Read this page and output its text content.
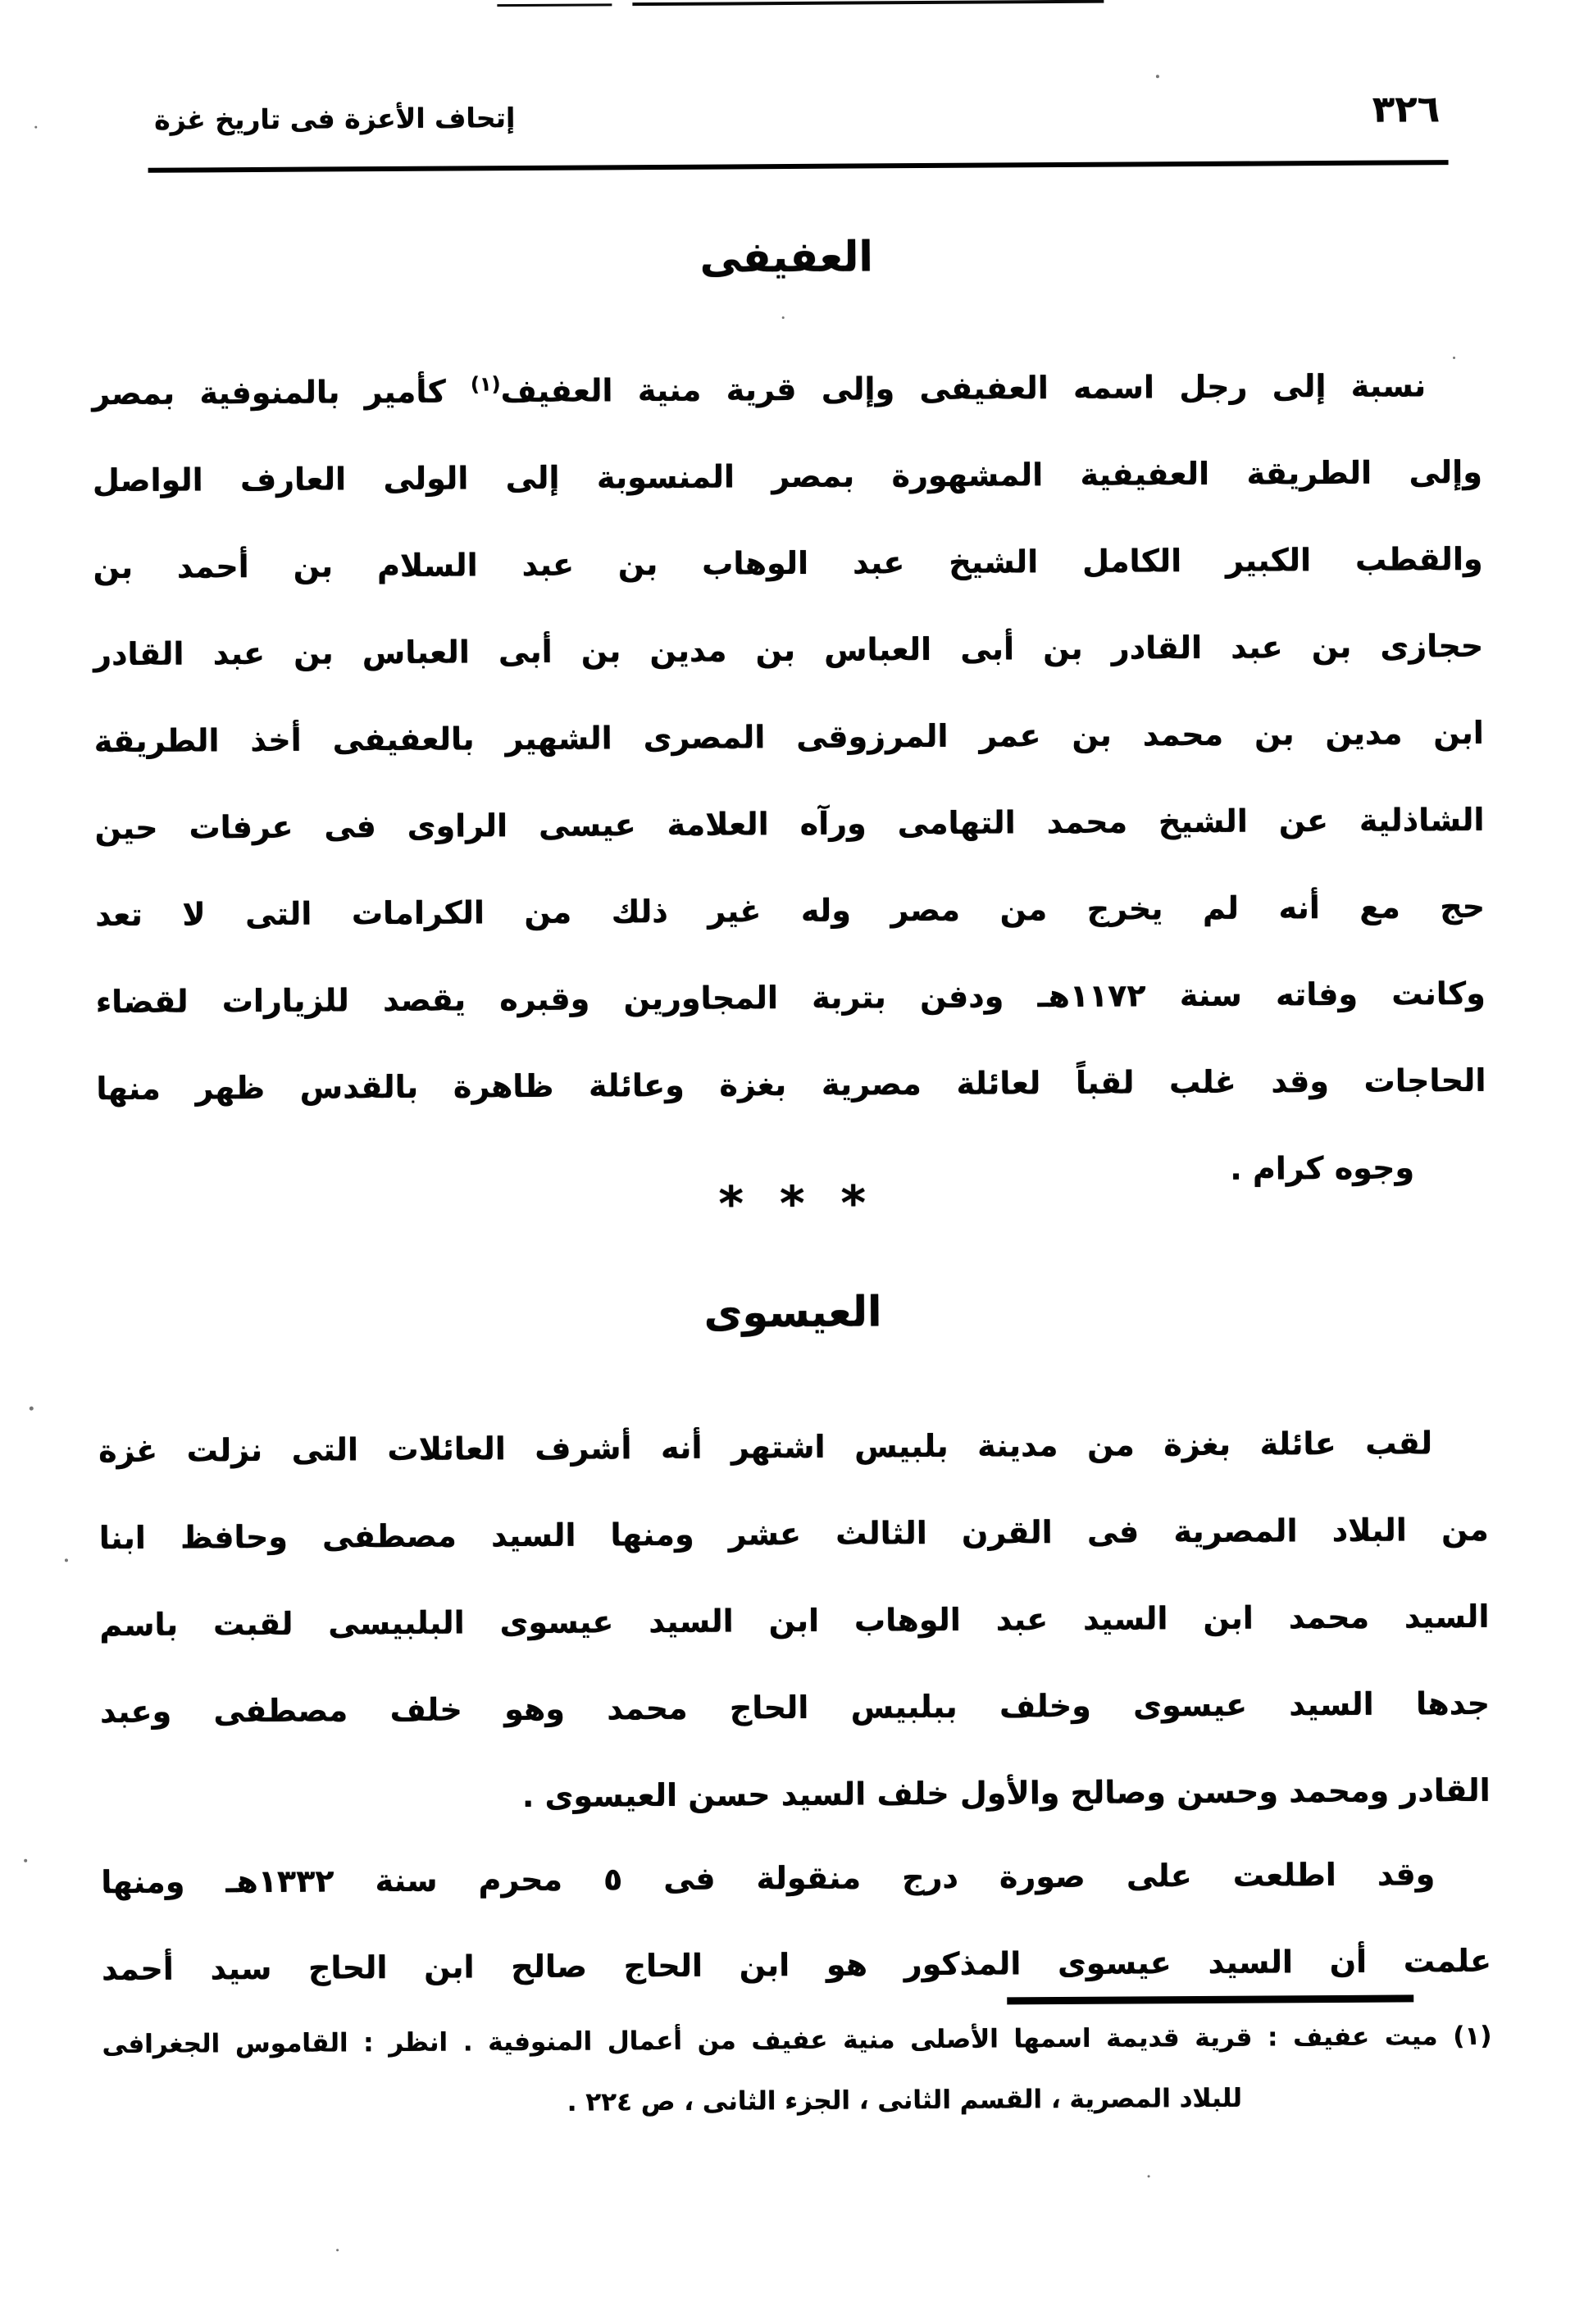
إتحاف الأعزة فى تاريخ غزة	٣٢٦
العفيفى
نسبة إلى رجل اسمه العفيفى وإلى قرية منية العفيف$^{(١)}$ كأمير بالمنوفية بمصر
وإلى الطريقة العفيفية المشهورة بمصر المنسوبة إلى الولى العارف الواصل
والقطب الكبير الكامل الشيخ عبد الوهاب بن عبد السلام بن أحمد بن
حجازى بن عبد القادر بن أبى العباس بن مدين بن أبى العباس بن عبد القادر
ابن مدين بن محمد بن عمر المرزوقى المصرى الشهير بالعفيفى أخذ الطريقة
الشاذلية عن الشيخ محمد التهامى ورآه العلامة عيسى الراوى فى عرفات حين
حج مع أنه لم يخرج من مصر وله غير ذلك من الكرامات التى لا تعد
وكانت وفاته سنة ١١٧٢هـ ودفن بتربة المجاورين وقبره يقصد للزيارات لقضاء
الحاجات وقد غلب لقباً لعائلة مصرية بغزة وعائلة ظاهرة بالقدس ظهر منها
وجوه كرام .
* * *
العيسوى
لقب عائلة بغزة من مدينة بلبيس اشتهر أنه أشرف العائلات التى نزلت غزة
من البلاد المصرية فى القرن الثالث عشر ومنها السيد مصطفى وحافظ ابنا
السيد محمد ابن السيد عبد الوهاب ابن السيد عيسوى البلبيسى لقبت باسم
جدها السيد عيسوى وخلف ببلبيس الحاج محمد وهو خلف مصطفى وعبد
القادر ومحمد وحسن وصالح والأول خلف السيد حسن العيسوى .
وقد اطلعت على صورة درج منقولة فى ٥ محرم سنة ١٣٣٢هـ ومنها
علمت أن السيد عيسوى المذكور هو ابن الحاج صالح ابن الحاج سيد أحمد
(١) ميت عفيف : قرية قديمة اسمها الأصلى منية عفيف من أعمال المنوفية . انظر : القاموس الجغرافى
للبلاد المصرية ، القسم الثانى ، الجزء الثانى ، ص ٢٢٤ .
